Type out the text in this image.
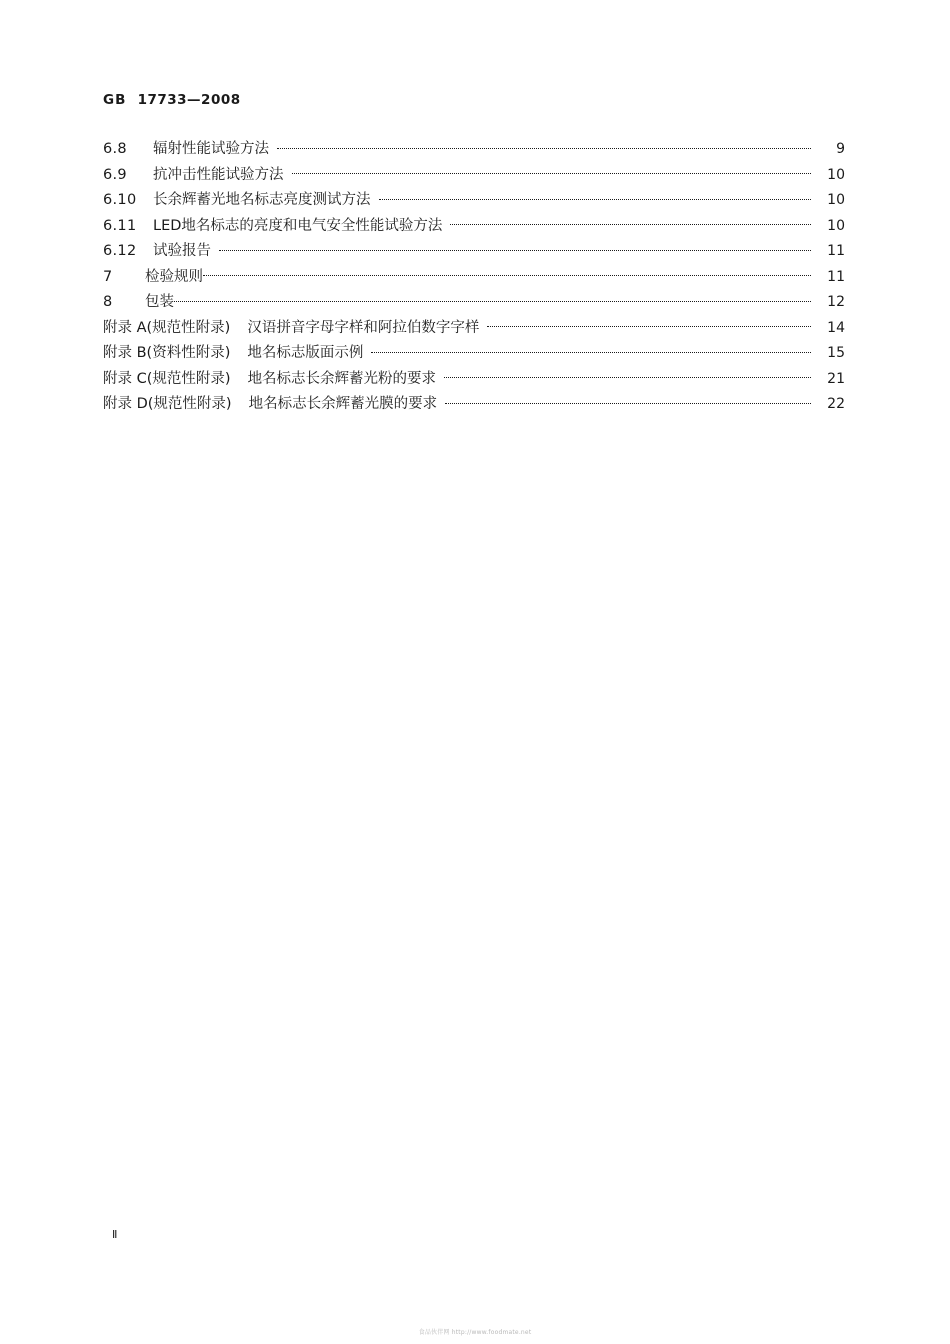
GB 17733—2008
6.8	辐射性能试验方法	9
6.9	抗冲击性能试验方法	10
6.10	长余辉蓄光地名标志亮度测试方法	10
6.11	LED地名标志的亮度和电气安全性能试验方法	10
6.12	试验报告	11
7	检验规则	11
8	包装	12
附录 A(规范性附录)	汉语拼音字母字样和阿拉伯数字字样	14
附录 B(资料性附录)	地名标志版面示例	15
附录 C(规范性附录)	地名标志长余辉蓄光粉的要求	21
附录 D(规范性附录)	地名标志长余辉蓄光膜的要求	22
Ⅱ
食品伙伴网 http://www.foodmate.net
